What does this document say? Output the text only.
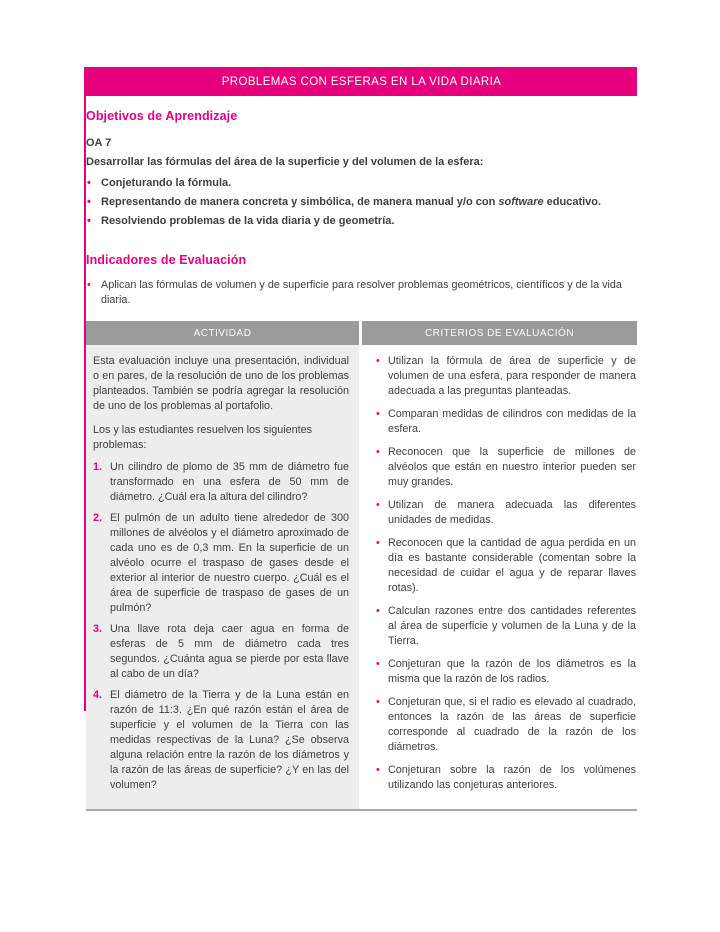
PROBLEMAS CON ESFERAS EN LA VIDA DIARIA
Objetivos de Aprendizaje

OA 7

Desarrollar las fórmulas del área de la superficie y del volumen de la esfera:

• Conjeturando la fórmula.
• Representando de manera concreta y simbólica, de manera manual y/o con software educativo.
• Resolviendo problemas de la vida diaria y de geometría.
Indicadores de Evaluación
• Aplican las fórmulas de volumen y de superficie para resolver problemas geométricos, científicos y de la vida diaria.
ACTIVIDAD	CRITERIOS DE EVALUACIÓN

Esta evaluación incluye una presentación, individual o en pares, de la resolución de uno de los problemas planteados. También se podría agregar la resolución de uno de los problemas al portafolio.

Los y las estudiantes resuelven los siguientes problemas:

1. Un cilindro de plomo de 35 mm de diámetro fue transformado en una esfera de 50 mm de diámetro. ¿Cuál era la altura del cilindro?
2. El pulmón de un adulto tiene alrededor de 300 millones de alvéolos y el diámetro aproximado de cada uno es de 0,3 mm. En la superficie de un alvéolo ocurre el traspaso de gases desde el exterior al interior de nuestro cuerpo. ¿Cuál es el área de superficie de traspaso de gases de un pulmón?
3. Una llave rota deja caer agua en forma de esferas de 5 mm de diámetro cada tres segundos. ¿Cuánta agua se pierde por esta llave al cabo de un día?
4. El diámetro de la Tierra y de la Luna están en razón de 11:3. ¿En qué razón están el área de superficie y el volumen de la Tierra con las medidas respectivas de la Luna? ¿Se observa alguna relación entre la razón de los diámetros y la razón de las áreas de superficie? ¿Y en las del volumen?
• Utilizan la fórmula de área de superficie y de volumen de una esfera, para responder de manera adecuada a las preguntas planteadas.
• Comparan medidas de cilindros con medidas de la esfera.
• Reconocen que la superficie de millones de alvéolos que están en nuestro interior pueden ser muy grandes.
• Utilizan de manera adecuada las diferentes unidades de medidas.
• Reconocen que la cantidad de agua perdida en un día es bastante considerable (comentan sobre la necesidad de cuidar el agua y de reparar llaves rotas).
• Calculan razones entre dos cantidades referentes al área de superficie y volumen de la Luna y de la Tierra.
• Conjeturan que la razón de los diámetros es la misma que la razón de los radios.
• Conjeturan que, si el radio es elevado al cuadrado, entonces la razón de las áreas de superficie corresponde al cuadrado de la razón de los diámetros.
• Conjeturan sobre la razón de los volúmenes utilizando las conjeturas anteriores.
